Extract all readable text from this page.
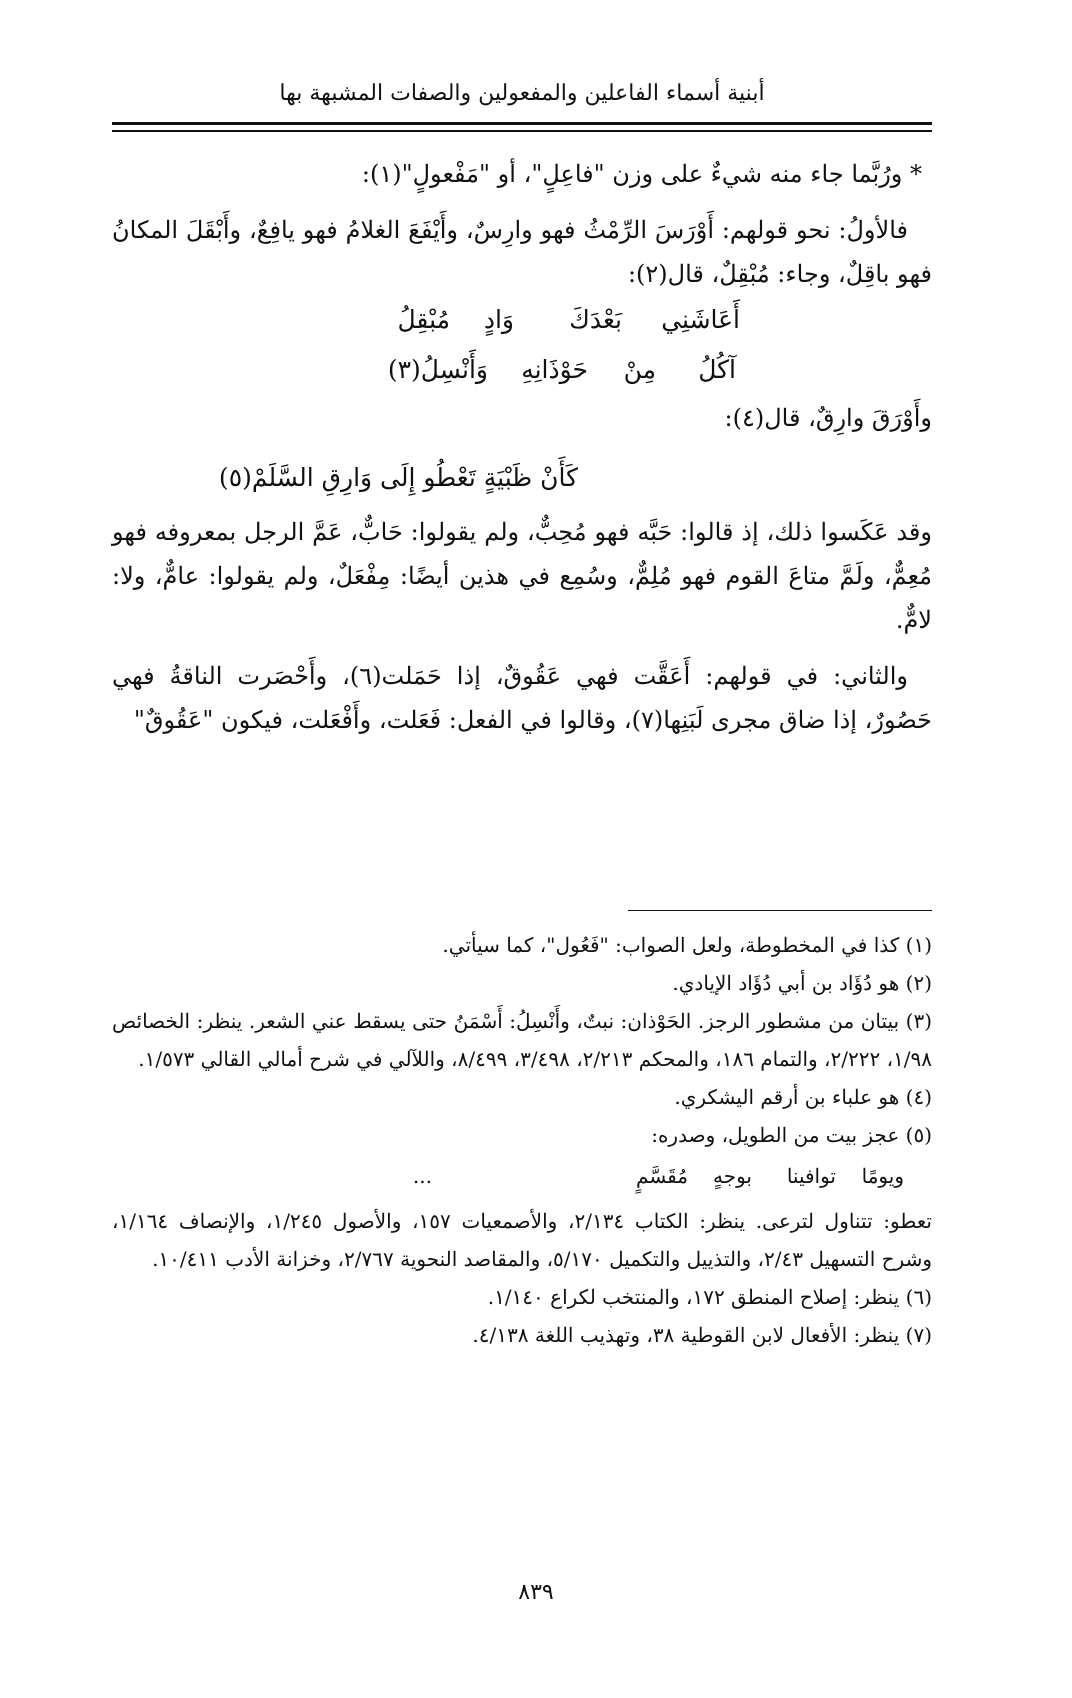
أبنية أسماء الفاعلين والمفعولين والصفات المشبهة بها

* ورُبَّما جاء منه شيءٌ على وزن "فاعِلٍ"، أو "مَفْعولٍ"(١):

فالأولُ: نحو قولهم: أَوْرَسَ الرِّمْثُ فهو وارِسٌ، وأَيْفَعَ الغلامُ فهو يافِعٌ، وأَبْقَلَ المكانُ فهو باقِلٌ، وجاء: مُبْقِلٌ، قال(٢):

أَعَاشَنِي
بَعْدَكَ
وَادٍ
مُبْقِلُ
آكُلُ
مِنْ
حَوْذَانِهِ
وَأَنْسِلُ(٣)

وأَوْرَقَ وارِقٌ، قال(٤):

كَأَنْ ظَبْيَةٍ تَعْطُو إِلَى وَارِقِ السَّلَمْ(٥)

وقد عَكَسوا ذلك، إذ قالوا: حَبَّه فهو مُحِبٌّ، ولم يقولوا: حَابٌّ، عَمَّ الرجل بمعروفه فهو مُعِمٌّ، ولَمَّ متاعَ القوم فهو مُلِمٌّ، وسُمِع في هذين أيضًا: مِفْعَلٌ، ولم يقولوا: عامٌّ، ولا: لامٌّ.

والثاني: في قولهم: أَعَقَّت فهي عَقُوقٌ، إذا حَمَلت(٦)، وأَحْصَرت الناقةُ فهي حَصُورٌ، إذا ضاق مجرى لَبَنِها(٧)، وقالوا في الفعل: فَعَلت، وأَفْعَلت، فيكون "عَقُوقٌ"

(١) كذا في المخطوطة، ولعل الصواب: "فَعُول"، كما سيأتي.

(٢) هو دُؤَاد بن أبي دُؤَاد الإيادي.

(٣) بيتان من مشطور الرجز. الحَوْذان: نبتٌ، وأَنْسِلُ: أَسْمَنُ حتى يسقط عني الشعر. ينظر: الخصائص ١/٩٨، ٢/٢٢٢، والتمام ١٨٦، والمحكم ٢/٢١٣، ٣/٤٩٨، ٨/٤٩٩، واللآلي في شرح أمالي القالي ١/٥٧٣.

(٤) هو علباء بن أرقم اليشكري.

(٥) عجز بيت من الطويل، وصدره:

ويومًا
توافينا
بوجهٍ
مُقَسَّمٍ
...

تعطو: تتناول لترعى. ينظر: الكتاب ٢/١٣٤، والأصمعيات ١٥٧، والأصول ١/٢٤٥، والإنصاف ١/١٦٤، وشرح التسهيل ٢/٤٣، والتذييل والتكميل ٥/١٧٠، والمقاصد النحوية ٢/٧٦٧، وخزانة الأدب ١٠/٤١١.

(٦) ينظر: إصلاح المنطق ١٧٢، والمنتخب لكراع ١/١٤٠.

(٧) ينظر: الأفعال لابن القوطية ٣٨، وتهذيب اللغة ٤/١٣٨.

٨٣٩
